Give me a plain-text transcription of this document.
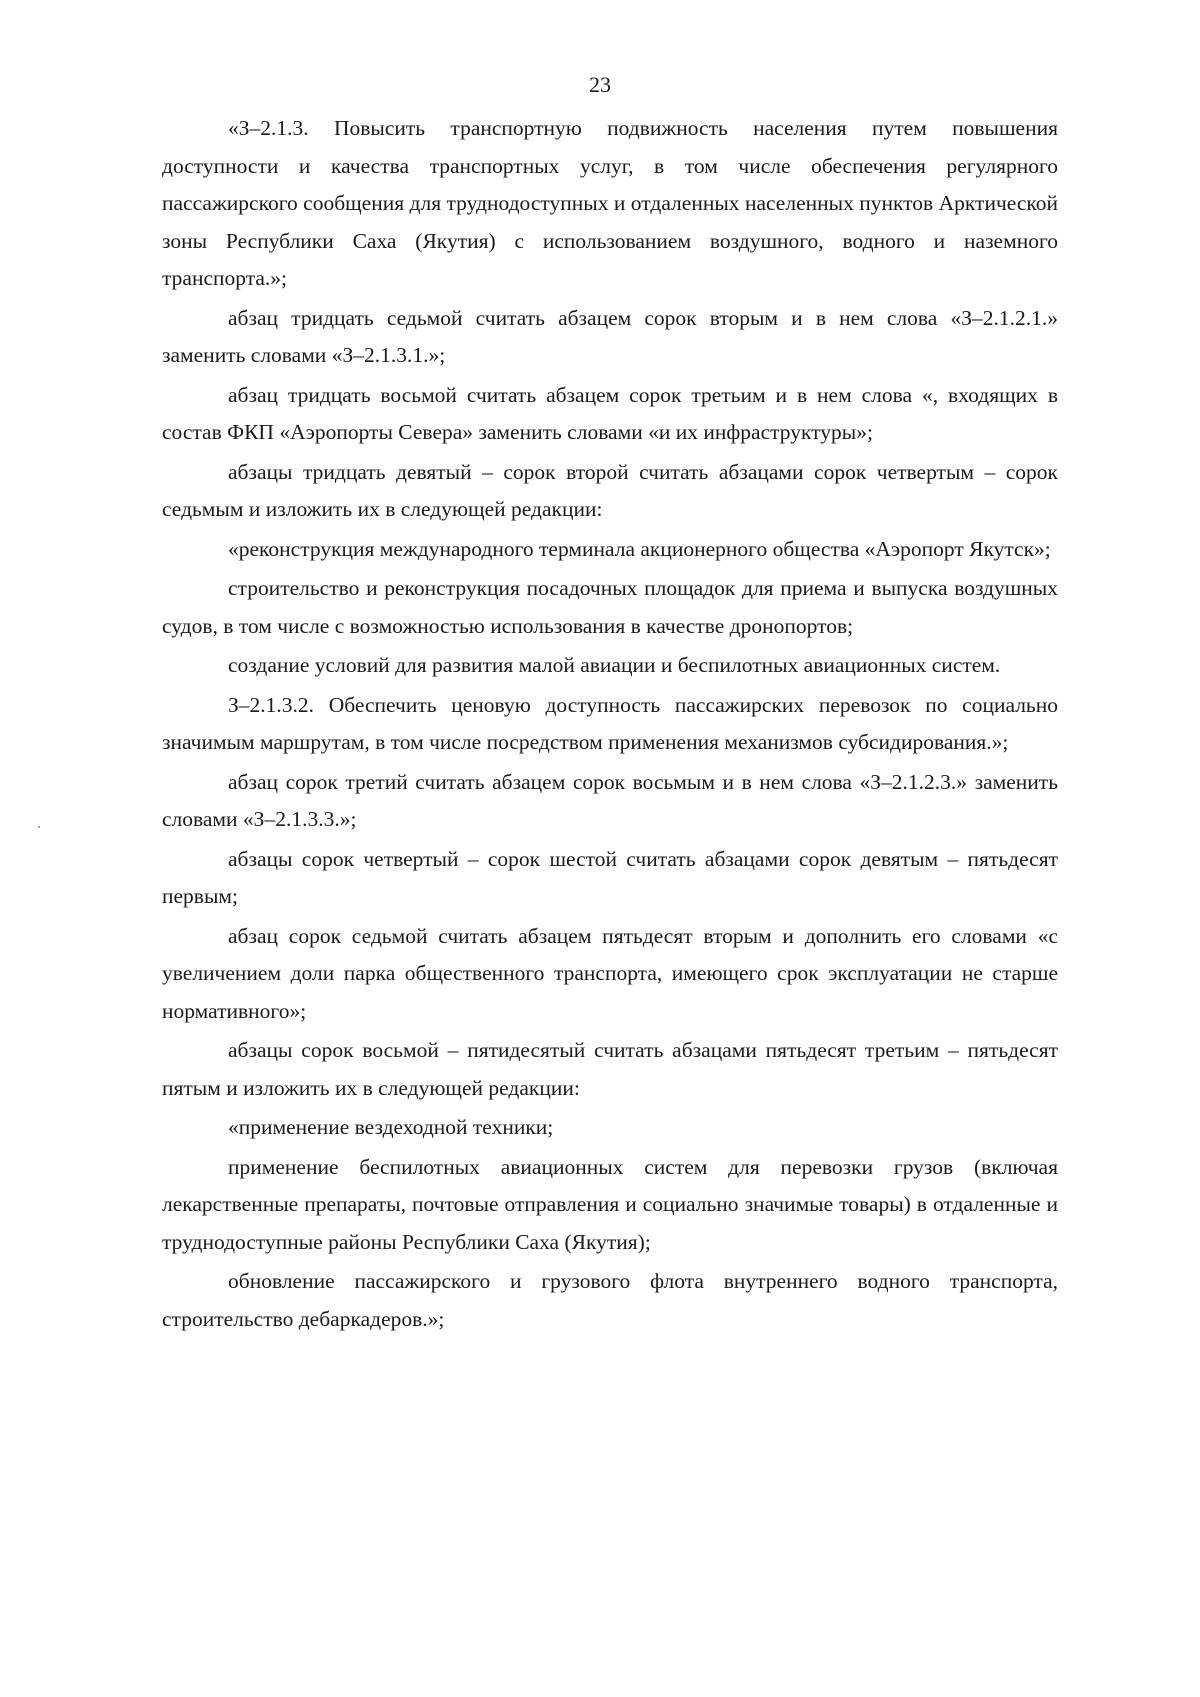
23

«З–2.1.3. Повысить транспортную подвижность населения путем повышения доступности и качества транспортных услуг, в том числе обеспечения регулярного пассажирского сообщения для труднодоступных и отдаленных населенных пунктов Арктической зоны Республики Саха (Якутия) с использованием воздушного, водного и наземного транспорта.»;

абзац тридцать седьмой считать абзацем сорок вторым и в нем слова «З–2.1.2.1.» заменить словами «З–2.1.3.1.»;

абзац тридцать восьмой считать абзацем сорок третьим и в нем слова «, входящих в состав ФКП «Аэропорты Севера» заменить словами «и их инфраструктуры»;

абзацы тридцать девятый – сорок второй считать абзацами сорок четвертым – сорок седьмым и изложить их в следующей редакции:

«реконструкция международного терминала акционерного общества «Аэропорт Якутск»;

строительство и реконструкция посадочных площадок для приема и выпуска воздушных судов, в том числе с возможностью использования в качестве дронопортов;

создание условий для развития малой авиации и беспилотных авиационных систем.

З–2.1.3.2. Обеспечить ценовую доступность пассажирских перевозок по социально значимым маршрутам, в том числе посредством применения механизмов субсидирования.»;

абзац сорок третий считать абзацем сорок восьмым и в нем слова «З–2.1.2.3.» заменить словами «З–2.1.3.3.»;

абзацы сорок четвертый – сорок шестой считать абзацами сорок девятым – пятьдесят первым;

абзац сорок седьмой считать абзацем пятьдесят вторым и дополнить его словами «с увеличением доли парка общественного транспорта, имеющего срок эксплуатации не старше нормативного»;

абзацы сорок восьмой – пятидесятый считать абзацами пятьдесят третьим – пятьдесят пятым и изложить их в следующей редакции:

«применение вездеходной техники;

применение беспилотных авиационных систем для перевозки грузов (включая лекарственные препараты, почтовые отправления и социально значимые товары) в отдаленные и труднодоступные районы Республики Саха (Якутия);

обновление пассажирского и грузового флота внутреннего водного транспорта, строительство дебаркадеров.»;
